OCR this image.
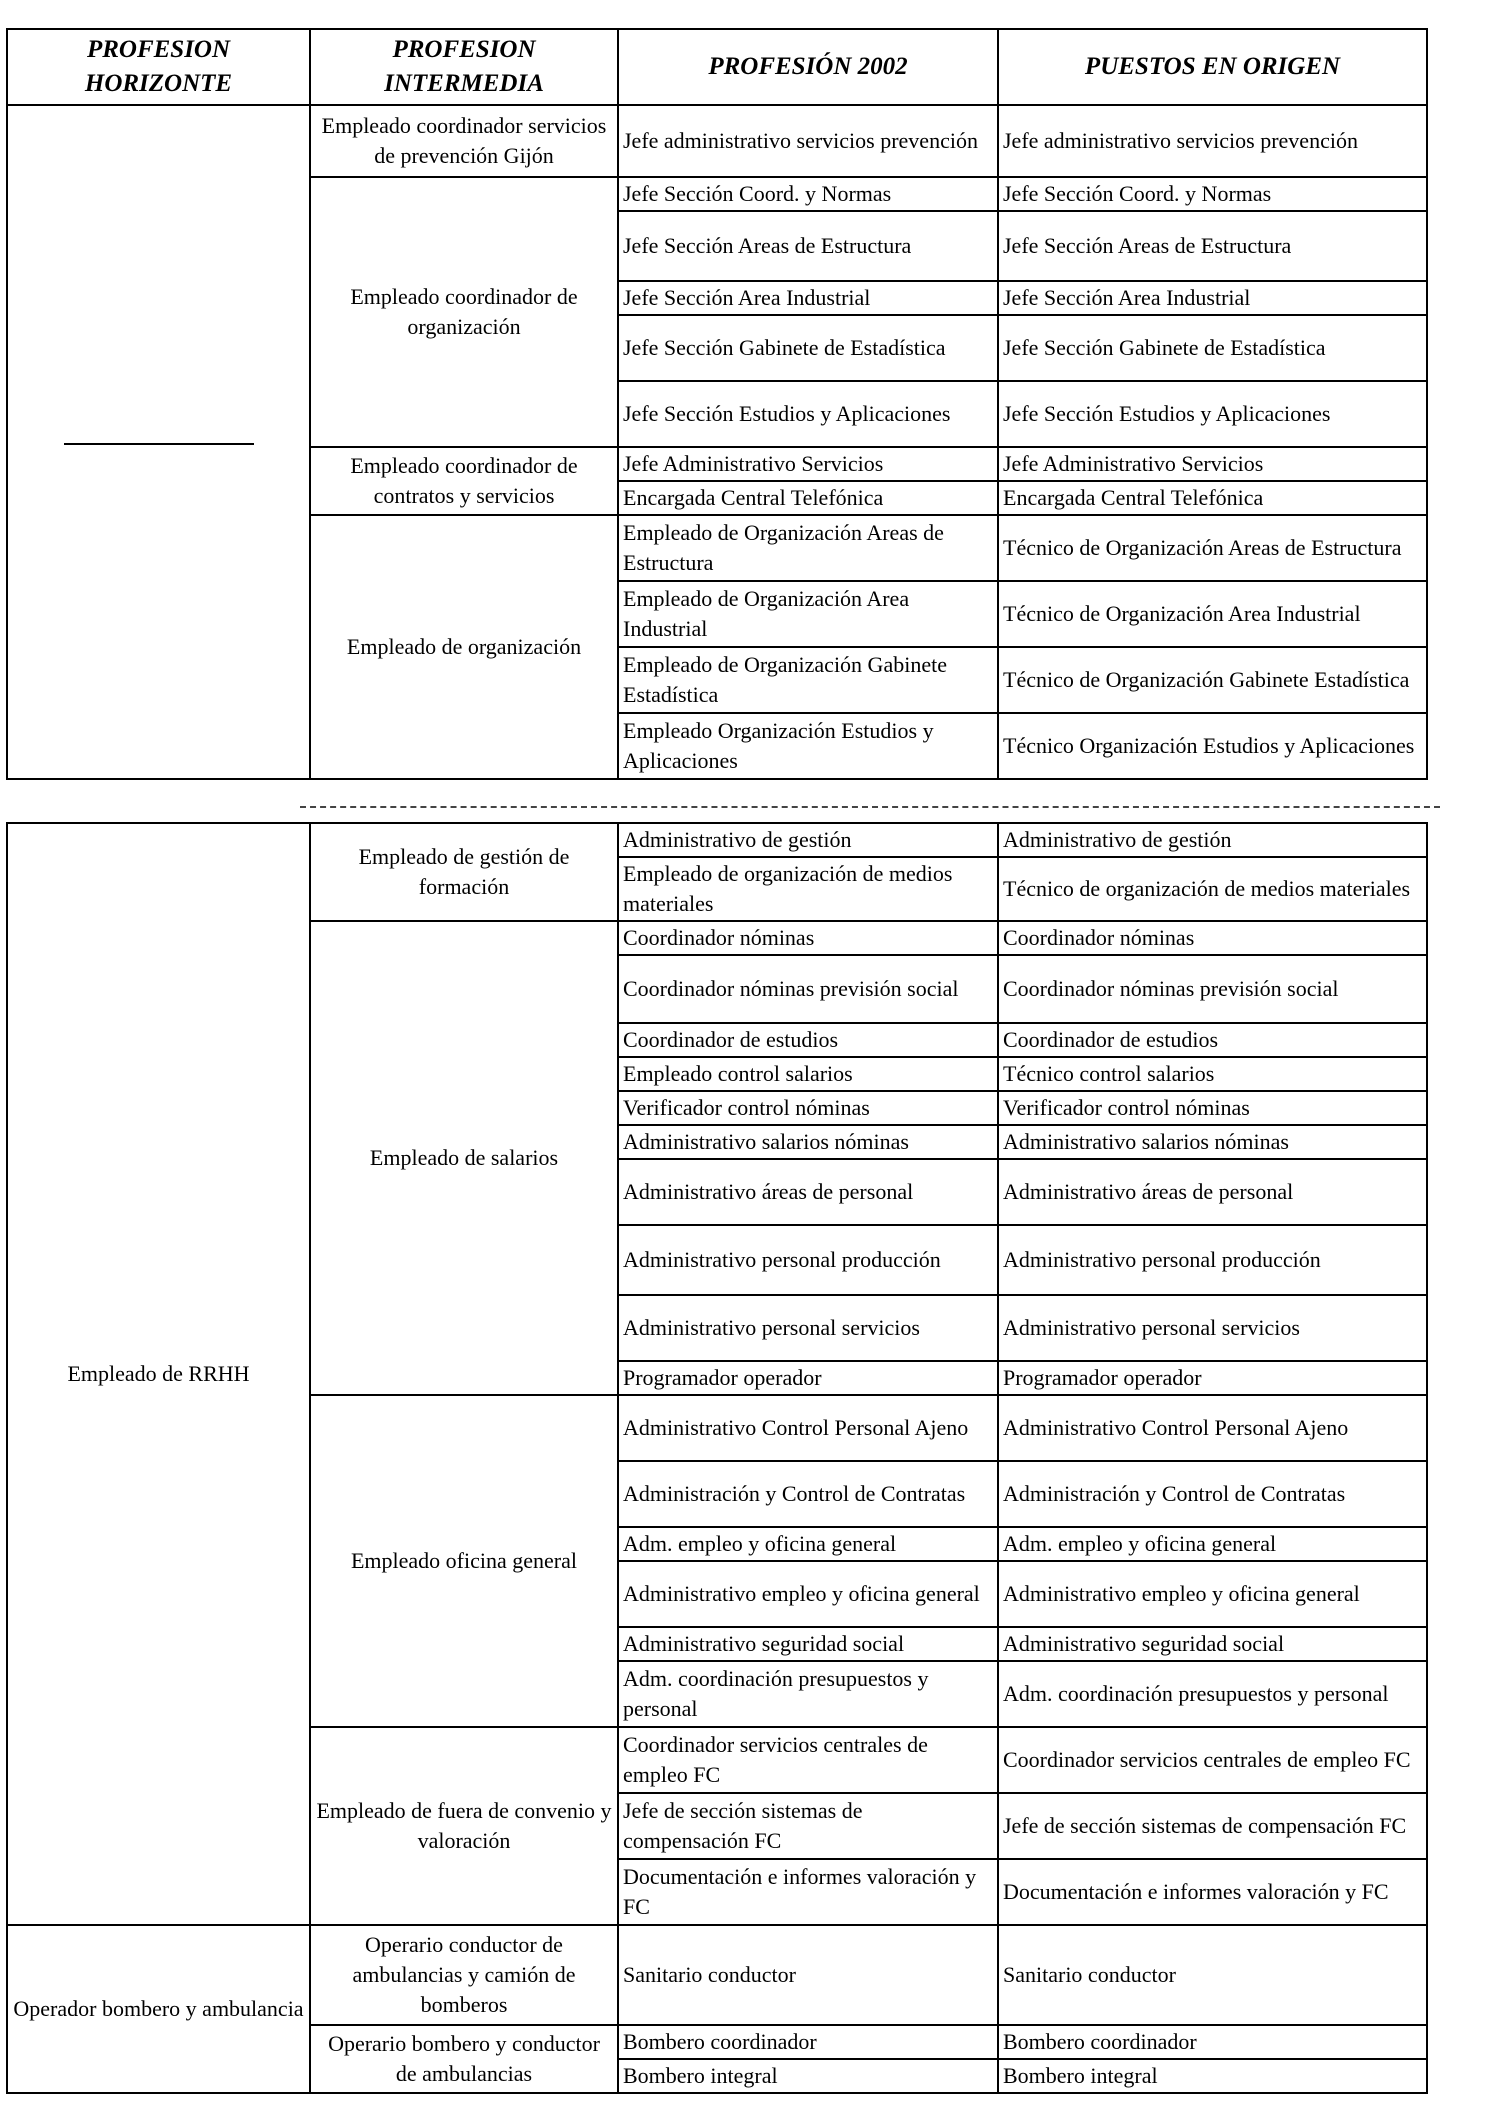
PROFESION HORIZONTE	PROFESION INTERMEDIA	PROFESIÓN 2002	PUESTOS EN ORIGEN
	Empleado coordinador servicios de prevención Gijón	Jefe administrativo servicios prevención	Jefe administrativo servicios prevención
	Empleado coordinador de organización	Jefe Sección Coord. y Normas	Jefe Sección Coord. y Normas
		Jefe Sección Areas de Estructura	Jefe Sección Areas de Estructura
		Jefe Sección Area Industrial	Jefe Sección Area Industrial
		Jefe Sección Gabinete de Estadística	Jefe Sección Gabinete de Estadística
		Jefe Sección Estudios y Aplicaciones	Jefe Sección Estudios y Aplicaciones
	Empleado coordinador de contratos y servicios	Jefe Administrativo Servicios	Jefe Administrativo Servicios
		Encargada Central Telefónica	Encargada Central Telefónica
	Empleado de organización	Empleado de Organización Areas de Estructura	Técnico de Organización Areas de Estructura
		Empleado de Organización Area Industrial	Técnico de Organización Area Industrial
		Empleado de Organización Gabinete Estadística	Técnico de Organización Gabinete Estadística
		Empleado Organización Estudios y Aplicaciones	Técnico Organización Estudios y Aplicaciones
Empleado de RRHH	Empleado de gestión de formación	Administrativo de gestión	Administrativo de gestión
		Empleado de organización de medios materiales	Técnico de organización de medios materiales
	Empleado de salarios	Coordinador nóminas	Coordinador nóminas
		Coordinador nóminas previsión social	Coordinador nóminas previsión social
		Coordinador de estudios	Coordinador de estudios
		Empleado control salarios	Técnico control salarios
		Verificador control nóminas	Verificador control nóminas
		Administrativo salarios nóminas	Administrativo salarios nóminas
		Administrativo áreas de personal	Administrativo áreas de personal
		Administrativo personal producción	Administrativo personal producción
		Administrativo personal servicios	Administrativo personal servicios
		Programador operador	Programador operador
	Empleado oficina general	Administrativo Control Personal Ajeno	Administrativo Control Personal Ajeno
		Administración y Control de Contratas	Administración y Control de Contratas
		Adm. empleo y oficina general	Adm. empleo y oficina general
		Administrativo empleo y oficina general	Administrativo empleo y oficina general
		Administrativo seguridad social	Administrativo seguridad social
		Adm. coordinación presupuestos y personal	Adm. coordinación presupuestos y personal
	Empleado de fuera de convenio y valoración	Coordinador servicios centrales de empleo FC	Coordinador servicios centrales de empleo FC
		Jefe de sección sistemas de compensación FC	Jefe de sección sistemas de compensación FC
		Documentación e informes valoración y FC	Documentación e informes valoración y FC
Operador bombero y ambulancia	Operario conductor de ambulancias y camión de bomberos	Sanitario conductor	Sanitario conductor
	Operario bombero y conductor de ambulancias	Bombero coordinador	Bombero coordinador
		Bombero integral	Bombero integral
